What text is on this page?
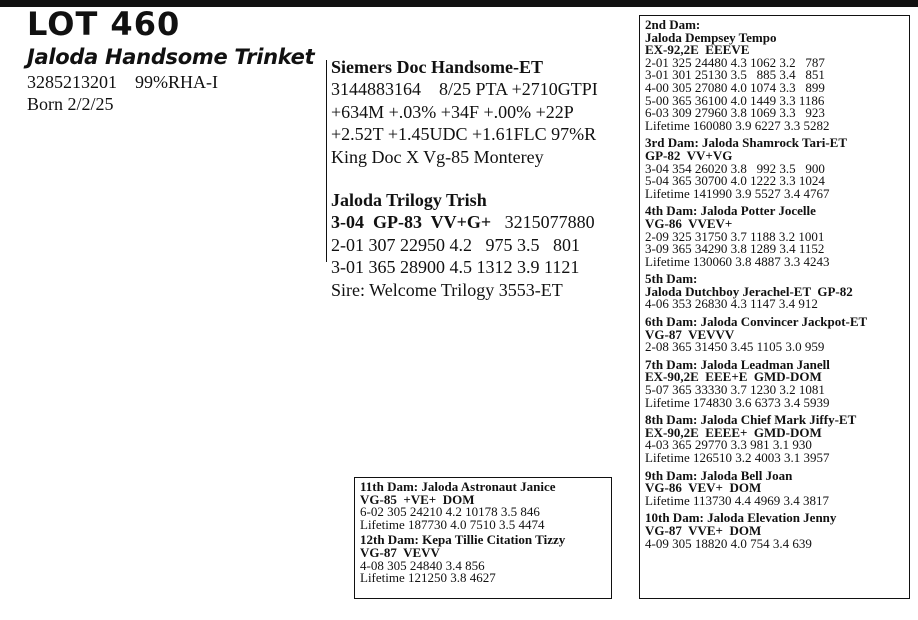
LOT 460
Jaloda Handsome Trinket
3285213201    99%RHA-I
Born 2/2/25
Siemers Doc Handsome-ET
3144883164    8/25 PTA +2710GTPI
+634M +.03% +34F +.00% +22P
+2.52T +1.45UDC +1.61FLC 97%R
King Doc X Vg-85 Monterey
Jaloda Trilogy Trish
3-04  GP-83  VV+G+ 3215077880
2-01 307 22950 4.2   975 3.5   801
3-01 365 28900 4.5 1312 3.9 1121
Sire: Welcome Trilogy 3553-ET
2nd Dam:
Jaloda Dempsey Tempo
EX-92,2E  EEEVE
2-01 325 24480 4.3 1062 3.2   787
3-01 301 25130 3.5   885 3.4   851
4-00 305 27080 4.0 1074 3.3   899
5-00 365 36100 4.0 1449 3.3 1186
6-03 309 27960 3.8 1069 3.3   923
Lifetime 160080 3.9 6227 3.3 5282
3rd Dam: Jaloda Shamrock Tari-ET
GP-82  VV+VG
3-04 354 26020 3.8   992 3.5   900
5-04 365 30700 4.0 1222 3.3 1024
Lifetime 141990 3.9 5527 3.4 4767
4th Dam: Jaloda Potter Jocelle
VG-86  VVEV+
2-09 325 31750 3.7 1188 3.2 1001
3-09 365 34290 3.8 1289 3.4 1152
Lifetime 130060 3.8 4887 3.3 4243
5th Dam:
Jaloda Dutchboy Jerachel-ET  GP-82
4-06 353 26830 4.3 1147 3.4 912
6th Dam: Jaloda Convincer Jackpot-ET
VG-87  VEVVV
2-08 365 31450 3.45 1105 3.0 959
7th Dam: Jaloda Leadman Janell
EX-90,2E  EEE+E  GMD-DOM
5-07 365 33330 3.7 1230 3.2 1081
Lifetime 174830 3.6 6373 3.4 5939
8th Dam: Jaloda Chief Mark Jiffy-ET
EX-90,2E  EEEE+  GMD-DOM
4-03 365 29770 3.3 981 3.1 930
Lifetime 126510 3.2 4003 3.1 3957
9th Dam: Jaloda Bell Joan
VG-86  VEV+  DOM
Lifetime 113730 4.4 4969 3.4 3817
10th Dam: Jaloda Elevation Jenny
VG-87  VVE+  DOM
4-09 305 18820 4.0 754 3.4 639
11th Dam: Jaloda Astronaut Janice
VG-85  +VE+  DOM
6-02 305 24210 4.2 10178 3.5 846
Lifetime 187730 4.0 7510 3.5 4474
12th Dam: Kepa Tillie Citation Tizzy
VG-87  VEVV
4-08 305 24840 3.4 856
Lifetime 121250 3.8 4627
